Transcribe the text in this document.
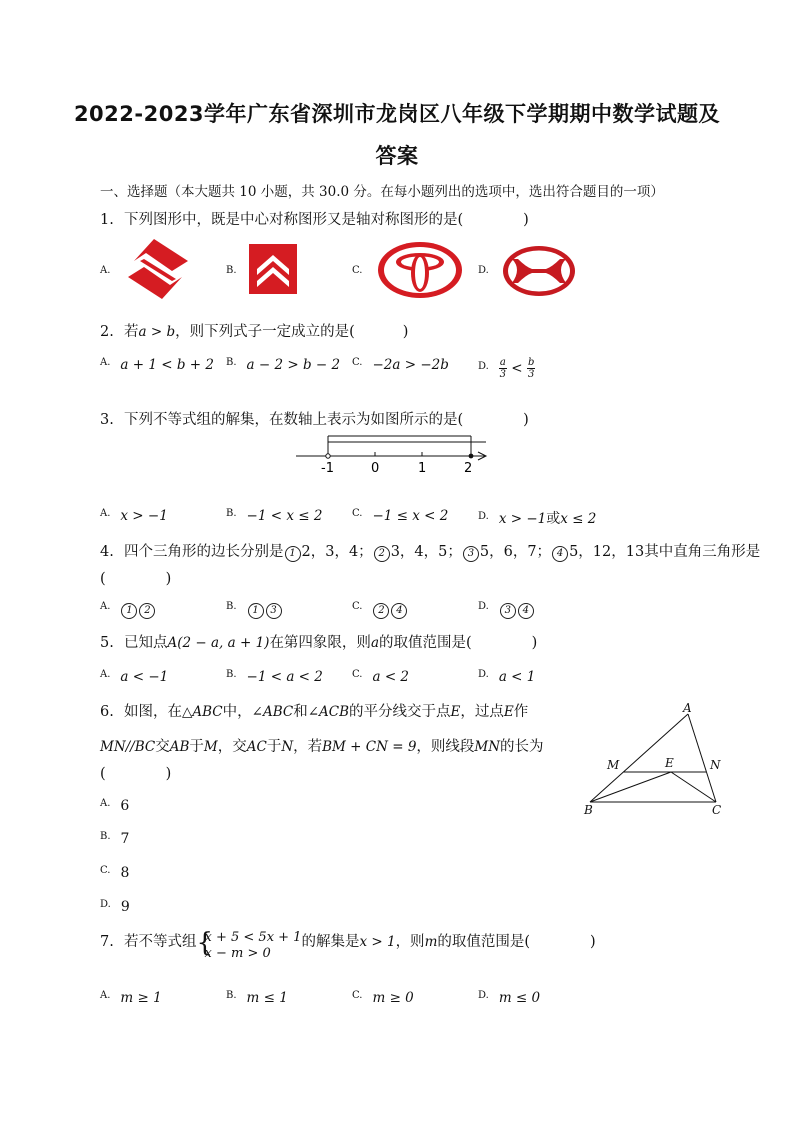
2022-2023学年广东省深圳市龙岗区八年级下学期期中数学试题及
答案
一、选择题（本大题共 10 小题，共 30.0 分。在每小题列出的选项中，选出符合题目的一项）
1. 下列图形中，既是中心对称图形又是轴对称图形的是(	)
$^{A.}$	$^{B.}$	$^{C.}$	$^{D.}$
2. 若a > b，则下列式子一定成立的是(	)
$^{A.}$ a + 1 < b + 2 $^{B.}$ a − 2 > b − 2 $^{C.}$ −2a > −2b	$^{D.} \frac{a}{3} < \frac{b}{3}$
3. 下列不等式组的解集，在数轴上表示为如图所示的是(	)
-1	0	1	2
$^{A.}$ x > −1	$^{B.}$ −1 < x ≤ 2	$^{C.}$ −1 ≤ x < 2	$^{D.}$ x > −1或x ≤ 2
4. 四个三角形的边长分别是 1 2，3，4； 2 3，4，5； 3 5，6，7； 4 5，12，13其中直角三角形是
(	)
$^{A.}$ 1 2	$^{B.}$ 1 3	$^{C.}$ 2 4	$^{D.}$ 3 4
5. 已知点A(2 − a, a + 1)在第四象限，则a的取值范围是(	)
$^{A.}$ a < −1	$^{B.}$ −1 < a < 2	$^{C.}$ a < 2	$^{D.}$ a < 1
6. 如图，在△ABC中，∠ABC和∠ACB的平分线交于点E，过点E作
MN//BC交AB于M，交AC于N，若BM + CN = 9，则线段MN的长为
(	)
$^{A.}$ 6
$^{B.}$ 7
$^{C.}$ 8
$^{D.}$ 9
A
M	E	N
B	C
7. 若不等式组 {
x + 5 < 5x + 1
x − m > 0
的解集是x > 1，则m的取值范围是(	)
$^{A.}$ m ≥ 1	$^{B.}$ m ≤ 1	$^{C.}$ m ≥ 0	$^{D.}$ m ≤ 0
